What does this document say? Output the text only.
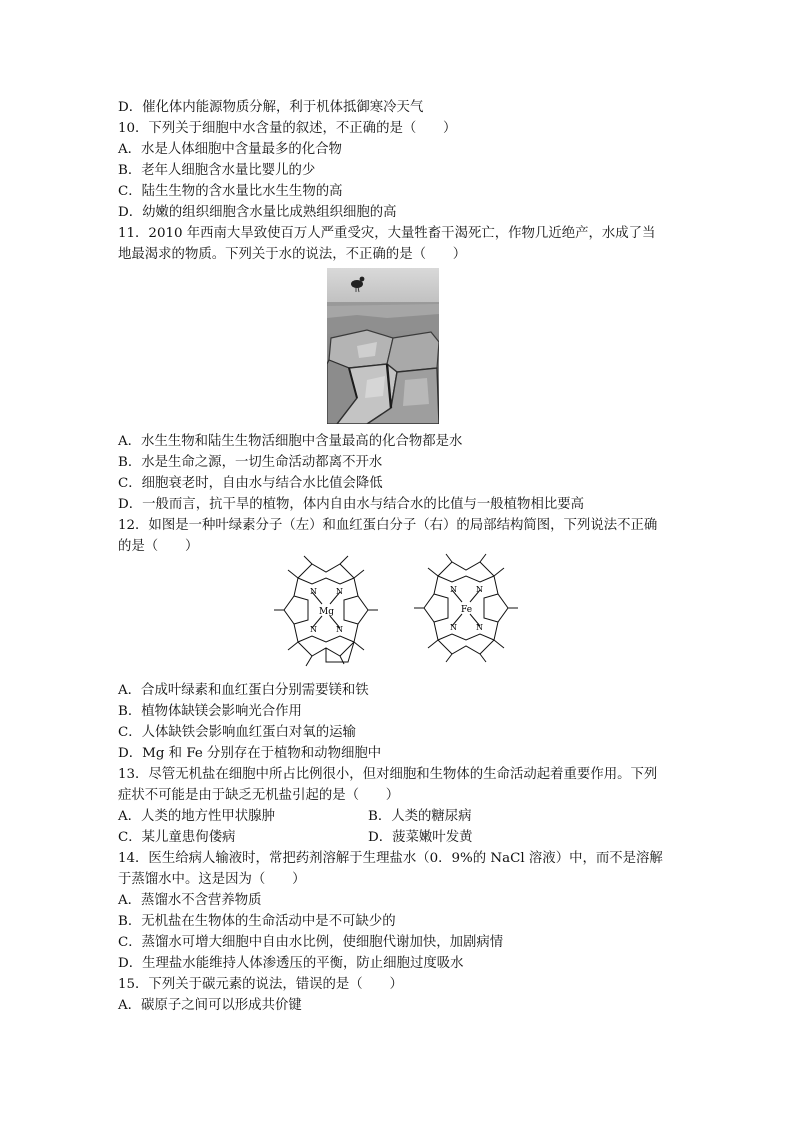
D．催化体内能源物质分解，利于机体抵御寒冷天气
10．下列关于细胞中水含量的叙述，不正确的是（　　）
A．水是人体细胞中含量最多的化合物
B．老年人细胞含水量比婴儿的少
C．陆生生物的含水量比水生生物的高
D．幼嫩的组织细胞含水量比成熟组织细胞的高
11．2010 年西南大旱致使百万人严重受灾，大量牲畜干渴死亡，作物几近绝产，水成了当
地最渴求的物质。下列关于水的说法，不正确的是（　　）
A．水生生物和陆生生物活细胞中含量最高的化合物都是水
B．水是生命之源，一切生命活动都离不开水
C．细胞衰老时，自由水与结合水比值会降低
D．一般而言，抗干旱的植物，体内自由水与结合水的比值与一般植物相比要高
12．如图是一种叶绿素分子（左）和血红蛋白分子（右）的局部结构简图，下列说法不正确
的是（　　）
N N
N N
Mg
N N
N N
Fe
A．合成叶绿素和血红蛋白分别需要镁和铁
B．植物体缺镁会影响光合作用
C．人体缺铁会影响血红蛋白对氧的运输
D．Mg 和 Fe 分别存在于植物和动物细胞中
13．尽管无机盐在细胞中所占比例很小，但对细胞和生物体的生命活动起着重要作用。下列
症状不可能是由于缺乏无机盐引起的是（　　）
A．人类的地方性甲状腺肿	B．人类的糖尿病
C．某儿童患佝偻病	D．菠菜嫩叶发黄
14．医生给病人输液时，常把药剂溶解于生理盐水（0．9%的 NaCl 溶液）中，而不是溶解
于蒸馏水中。这是因为（　　）
A．蒸馏水不含营养物质
B．无机盐在生物体的生命活动中是不可缺少的
C．蒸馏水可增大细胞中自由水比例，使细胞代谢加快，加剧病情
D．生理盐水能维持人体渗透压的平衡，防止细胞过度吸水
15．下列关于碳元素的说法，错误的是（　　）
A．碳原子之间可以形成共价键
